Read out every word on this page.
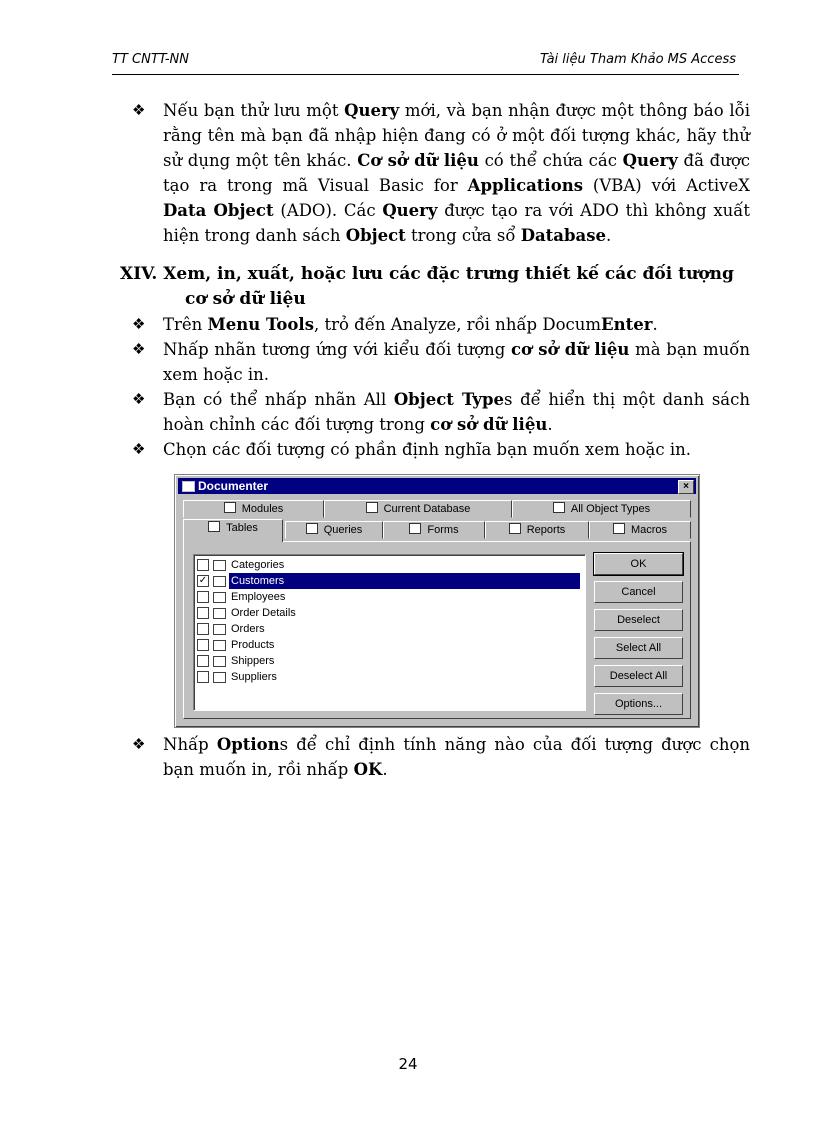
TT CNTT-NN	Tài liệu Tham Khảo MS Access
❖ Nếu bạn thử lưu một Query mới, và bạn nhận được một thông báo lỗi rằng tên mà bạn đã nhập hiện đang có ở một đối tượng khác, hãy thử sử dụng một tên khác. Cơ sở dữ liệu có thể chứa các Query đã được tạo ra trong mã Visual Basic for Applications (VBA) với ActiveX Data Object (ADO). Các Query được tạo ra với ADO thì không xuất hiện trong danh sách Object trong cửa sổ Database.
XIV. Xem, in, xuất, hoặc lưu các đặc trưng thiết kế các đối tượng cơ sở dữ liệu
❖ Trên Menu Tools, trỏ đến Analyze, rồi nhấp DocumEnter.
❖ Nhấp nhãn tương ứng với kiểu đối tượng cơ sở dữ liệu mà bạn muốn xem hoặc in.
❖ Bạn có thể nhấp nhãn All Object Types để hiển thị một danh sách hoàn chỉnh các đối tượng trong cơ sở dữ liệu.
❖ Chọn các đối tượng có phần định nghĩa bạn muốn xem hoặc in.
Documenter	×
Modules	Current Database	All Object Types
Tables	Queries	Forms	Reports	Macros
Categories
✓ Customers
Employees
Order Details
Orders
Products
Shippers
Suppliers
OK
Cancel
Deselect
Select All
Deselect All
Options...
❖ Nhấp Options để chỉ định tính năng nào của đối tượng được chọn bạn muốn in, rồi nhấp OK.
24
